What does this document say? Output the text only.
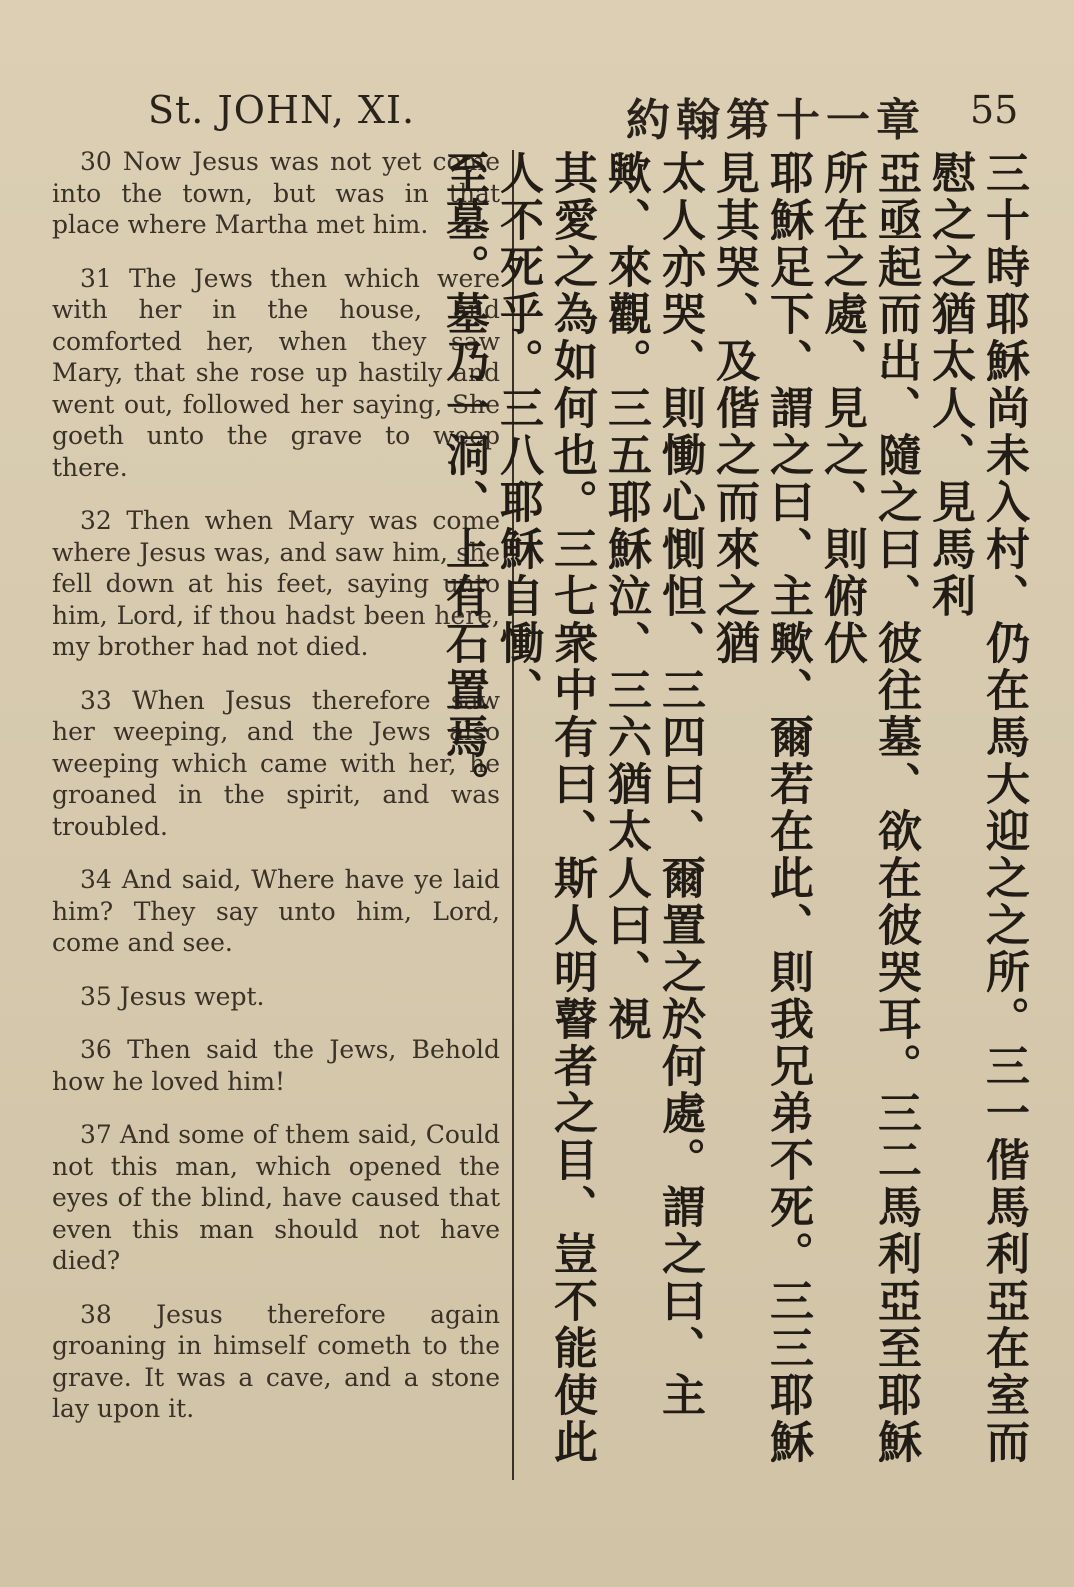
St. JOHN, XI.	約翰第十一章 55

30 Now Jesus was not yet come into the town, but was in that place where Martha met him.

31 The Jews then which were with her in the house, and comforted her, when they saw Mary, that she rose up hastily and went out, followed her saying, She goeth unto the grave to weep there.

32 Then when Mary was come where Jesus was, and saw him, she fell down at his feet, saying unto him, Lord, if thou hadst been here, my brother had not died.

33 When Jesus therefore saw her weeping, and the Jews also weeping which came with her, he groaned in the spirit, and was troubled.

34 And said, Where have ye laid him? They say unto him, Lord, come and see.

35 Jesus wept.

36 Then said the Jews, Behold how he loved him!

37 And some of them said, Could not this man, which opened the eyes of the blind, have caused that even this man should not have died?

38 Jesus therefore again groaning in himself cometh to the grave. It was a cave, and a stone lay upon it.	三十時耶穌尚未入村、仍在馬大迎之之所。三一偕馬利亞在室而慰之之猶太人、見馬利
亞亟起而出、隨之曰、彼往墓、欲在彼哭耳。三二馬利亞至耶穌所在之處、見之、則俯伏
耶穌足下、謂之曰、主歟、爾若在此、則我兄弟不死。三三耶穌見其哭、及偕之而來之猶
太人亦哭、則慟心惻怛、三四曰、爾置之於何處。謂之曰、主歟、來觀。三五耶穌泣、三六猶太人曰、視
其愛之為如何也。三七衆中有曰、斯人明瞽者之目、豈不能使此人不死乎。三八耶穌自慟、
至墓。墓乃一洞、上有石置焉。
